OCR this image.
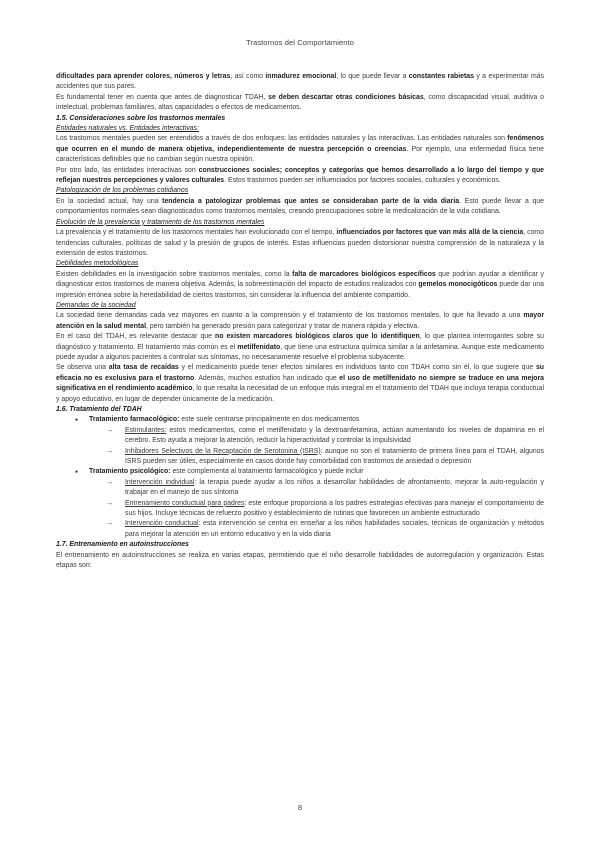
Trastornos del Comportamiento

dificultades para aprender colores, números y letras, así como inmadurez emocional, lo que puede llevar a constantes rabietas y a experimentar más accidentes que sus pares.

Es fundamental tener en cuenta que antes de diagnosticar TDAH, se deben descartar otras condiciones básicas, como discapacidad visual, auditiva o intelectual, problemas familiares, altas capacidades o efectos de medicamentos.

1.5. Consideraciones sobre los trastornos mentales

Entidades naturales vs. Entidades interactivas:

Los trastornos mentales pueden ser entendidos a través de dos enfoques: las entidades naturales y las interactivas. Las entidades naturales son fenómenos que ocurren en el mundo de manera objetiva, independientemente de nuestra percepción o creencias. Por ejemplo, una enfermedad física tiene características definibles que no cambian según nuestra opinión.

Por otro lado, las entidades interactivas son construcciones sociales; conceptos y categorías que hemos desarrollado a lo largo del tiempo y que reflejan nuestros percepciones y valores culturales. Estos trastornos pueden ser influenciados por factores sociales, culturales y económicos.

Patologización de los problemas cotidianos

En la sociedad actual, hay una tendencia a patologizar problemas que antes se consideraban parte de la vida diaria. Esto puede llevar a que comportamientos normales sean diagnosticados como trastornos mentales, creando preocupaciones sobre la medicalización de la vida cotidiana.

Evolución de la prevalencia y tratamiento de los trastornos mentales

La prevalencia y el tratamiento de los trastornos mentales han evolucionado con el tiempo, influenciados por factores que van más allá de la ciencia, como tendencias culturales, políticas de salud y la presión de grupos de interés. Estas influencias pueden distorsionar nuestra comprensión de la naturaleza y la extensión de estos trastornos.

Debilidades metodológicas

Existen debilidades en la investigación sobre trastornos mentales, como la falta de marcadores biológicos específicos que podrían ayudar a identificar y diagnosticar estos trastornos de manera objetiva. Además, la sobreestimación del impacto de estudios realizados con gemelos monocigóticos puede dar una impresión errónea sobre la heredabilidad de ciertos trastornos, sin considerar la influencia del ambiente compartido.

Demandas de la sociedad

La sociedad tiene demandas cada vez mayores en cuanto a la comprensión y el tratamiento de los trastornos mentales, lo que ha llevado a una mayor atención en la salud mental, pero también ha generado presión para categorizar y tratar de manera rápida y efectiva.

En el caso del TDAH, es relevante destacar que no existen marcadores biológicos claros que lo identifiquen, lo que plantea interrogantes sobre su diagnóstico y tratamiento. El tratamiento más común es el metilfenidato, que tiene una estructura química similar a la anfetamina. Aunque este medicamento puede ayudar a algunos pacientes a controlar sus síntomas, no necesariamente resuelve el problema subyacente.

Se observa una alta tasa de recaídas y el medicamento puede tener efectos similares en individuos tanto con TDAH como sin él, lo que sugiere que su eficacia no es exclusiva para el trastorno. Además, muchos estudios han indicado que el uso de metilfenidato no siempre se traduce en una mejora significativa en el rendimiento académico, lo que resalta la necesidad de un enfoque más integral en el tratamiento del TDAH que incluya terapia conductual y apoyo educativo, en lugar de depender únicamente de la medicación.

1.6. Tratamiento del TDAH

● Tratamiento farmacológico: este suele centrarse principalmente en dos medicamentos
→ Estimulantes: estos medicamentos, como el metilfenidato y la dextroanfetamina, actúan aumentando los niveles de dopamina en el cerebro. Esto ayuda a mejorar la atención, reducir la hiperactividad y controlar la impulsividad
→ Inhibidores Selectivos de la Recaptación de Serotonina (ISRS): aunque no son el tratamiento de primera línea para el TDAH, algunos ISRS pueden ser útiles, especialmente en casos donde hay comorbilidad con trastornos de ansiedad o depresión
● Tratamiento psicológico: este complementa al tratamiento farmacológico y puede incluir
→ Intervención individual: la terapia puede ayudar a los niños a desarrollar habilidades de afrontamiento, mejorar la auto-regulación y trabajar en el manejo de sus síntoma
→ Entrenamiento conductual para padres: este enfoque proporciona a los padres estrategias efectivas para manejar el comportamiento de sus hijos. Incluye técnicas de refuerzo positivo y establecimiento de rutinas que favorecen un ambiente estructurado
→ Intervención conductual: esta intervención se centra en enseñar a los niños habilidades sociales, técnicas de organización y métodos para mejorar la atención en un entorno educativo y en la vida diaria

1.7. Entrenamiento en autoinstrucciones

El entrenamiento en autoinstrucciones se realiza en varias etapas, permitiendo que el niño desarrolle habilidades de autorregulación y organización. Estas etapas son:

8
